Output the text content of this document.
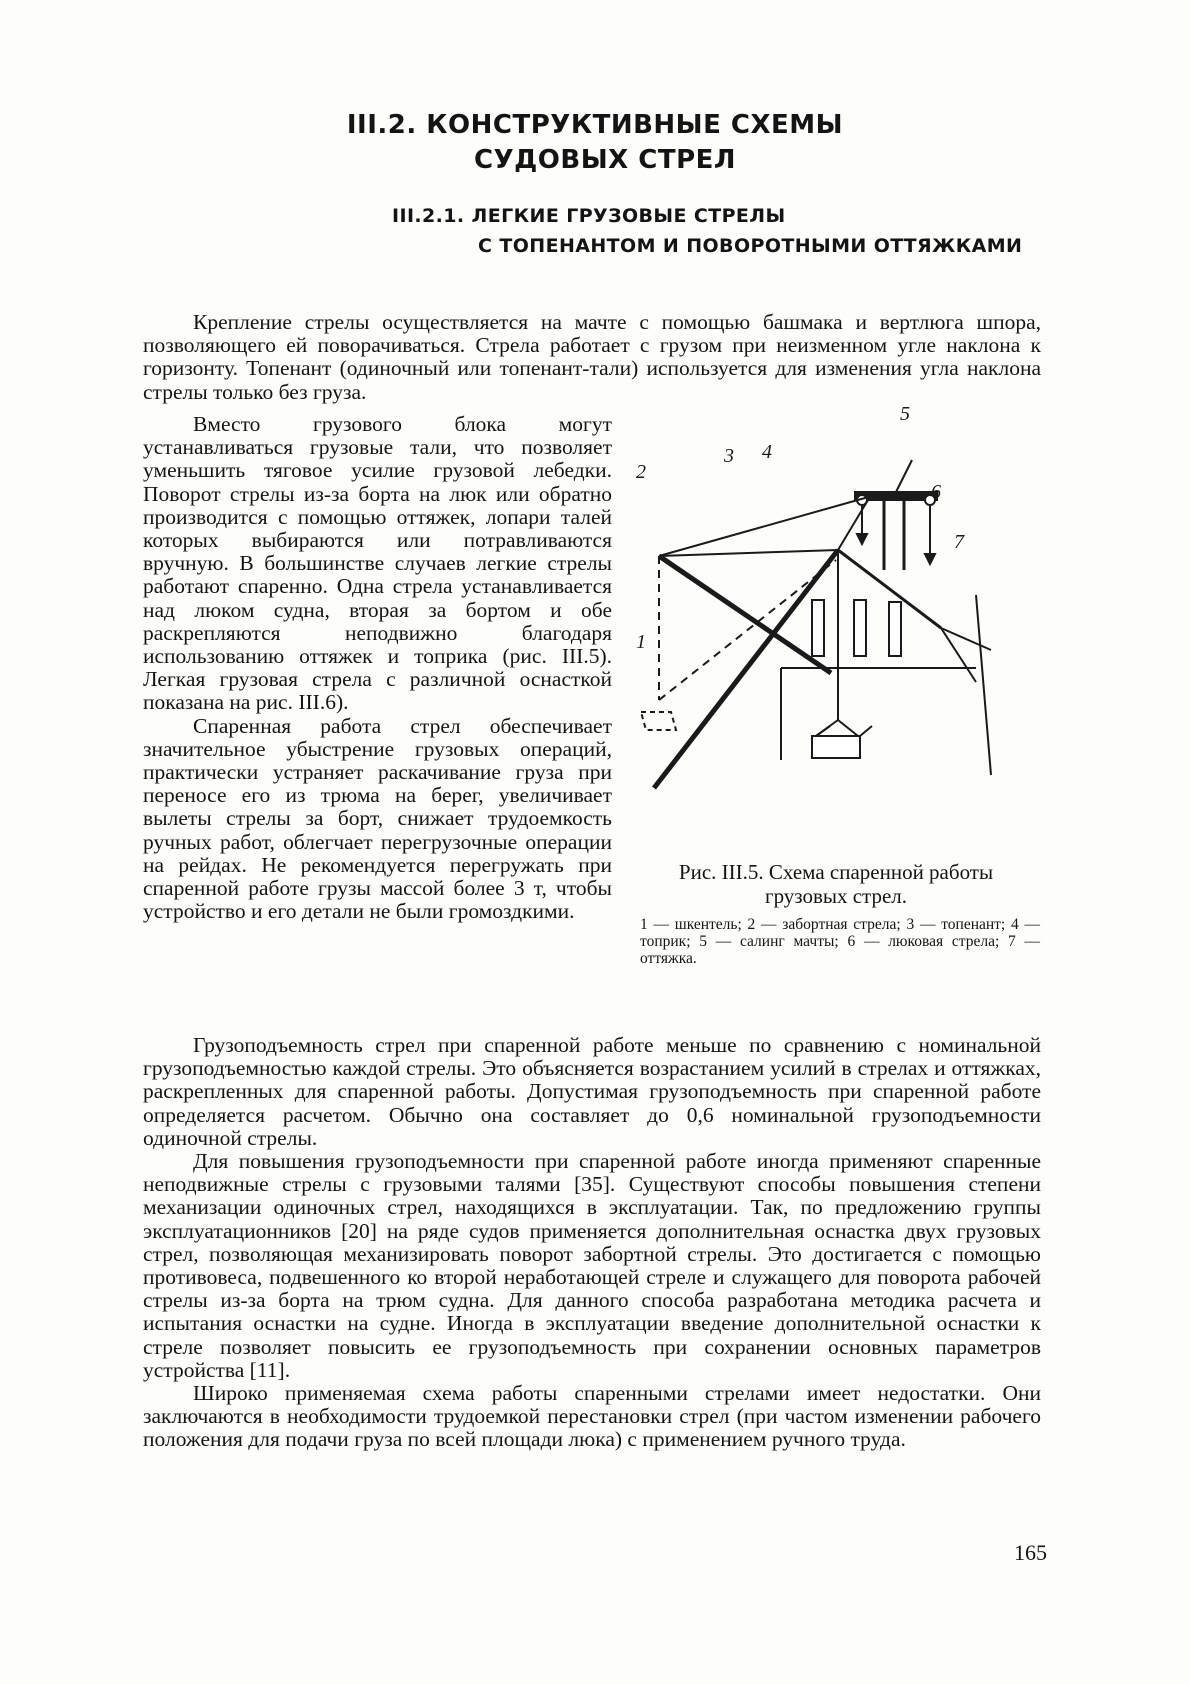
III.2. КОНСТРУКТИВНЫЕ СХЕМЫ
СУДОВЫХ СТРЕЛ
III.2.1. ЛЕГКИЕ ГРУЗОВЫЕ СТРЕЛЫ
С ТОПЕНАНТОМ И ПОВОРОТНЫМИ ОТТЯЖКАМИ

Крепление стрелы осуществляется на мачте с помощью башмака и вертлюга шпора, позволяющего ей поворачиваться. Стрела работает с грузом при неизменном угле наклона к горизонту. Топенант (одиночный или топенант-тали) используется для изменения угла наклона стрелы только без груза.

Вместо грузового блока могут устанавливаться грузовые тали, что позволяет уменьшить тяговое усилие грузовой лебедки. Поворот стрелы из-за борта на люк или обратно производится с помощью оттяжек, лопари талей которых выбираются или потравливаются вручную. В большинстве случаев легкие стрелы работают спаренно. Одна стрела устанавливается над люком судна, вторая за бортом и обе раскрепляются неподвижно благодаря использованию оттяжек и топрика (рис. III.5). Легкая грузовая стрела с различной оснасткой показана на рис. III.6).

Спаренная работа стрел обеспечивает значительное убыстрение грузовых операций, практически устраняет раскачивание груза при переносе его из трюма на берег, увеличивает вылеты стрелы за борт, снижает трудоемкость ручных работ, облегчает перегрузочные операции на рейдах. Не рекомендуется перегружать при спаренной работе грузы массой более 3 т, чтобы устройство и его детали не были громоздкими.

1
2
3 4
5
6
7
Рис. III.5. Схема спаренной работы грузовых стрел.
1 — шкентель; 2 — забортная стрела; 3 — топенант; 4 — топрик; 5 — салинг мачты; 6 — люковая стрела; 7 — оттяжка.

Грузоподъемность стрел при спаренной работе меньше по сравнению с номинальной грузоподъемностью каждой стрелы. Это объясняется возрастанием усилий в стрелах и оттяжках, раскрепленных для спаренной работы. Допустимая грузоподъемность при спаренной работе определяется расчетом. Обычно она составляет до 0,6 номинальной грузоподъемности одиночной стрелы.

Для повышения грузоподъемности при спаренной работе иногда применяют спаренные неподвижные стрелы с грузовыми талями [35]. Существуют способы повышения степени механизации одиночных стрел, находящихся в эксплуатации. Так, по предложению группы эксплуатационников [20] на ряде судов применяется дополнительная оснастка двух грузовых стрел, позволяющая механизировать поворот забортной стрелы. Это достигается с помощью противовеса, подвешенного ко второй неработающей стреле и служащего для поворота рабочей стрелы из-за борта на трюм судна. Для данного способа разработана методика расчета и испытания оснастки на судне. Иногда в эксплуатации введение дополнительной оснастки к стреле позволяет повысить ее грузоподъемность при сохранении основных параметров устройства [11].

Широко применяемая схема работы спаренными стрелами имеет недостатки. Они заключаются в необходимости трудоемкой перестановки стрел (при частом изменении рабочего положения для подачи груза по всей площади люка) с применением ручного труда.

165
